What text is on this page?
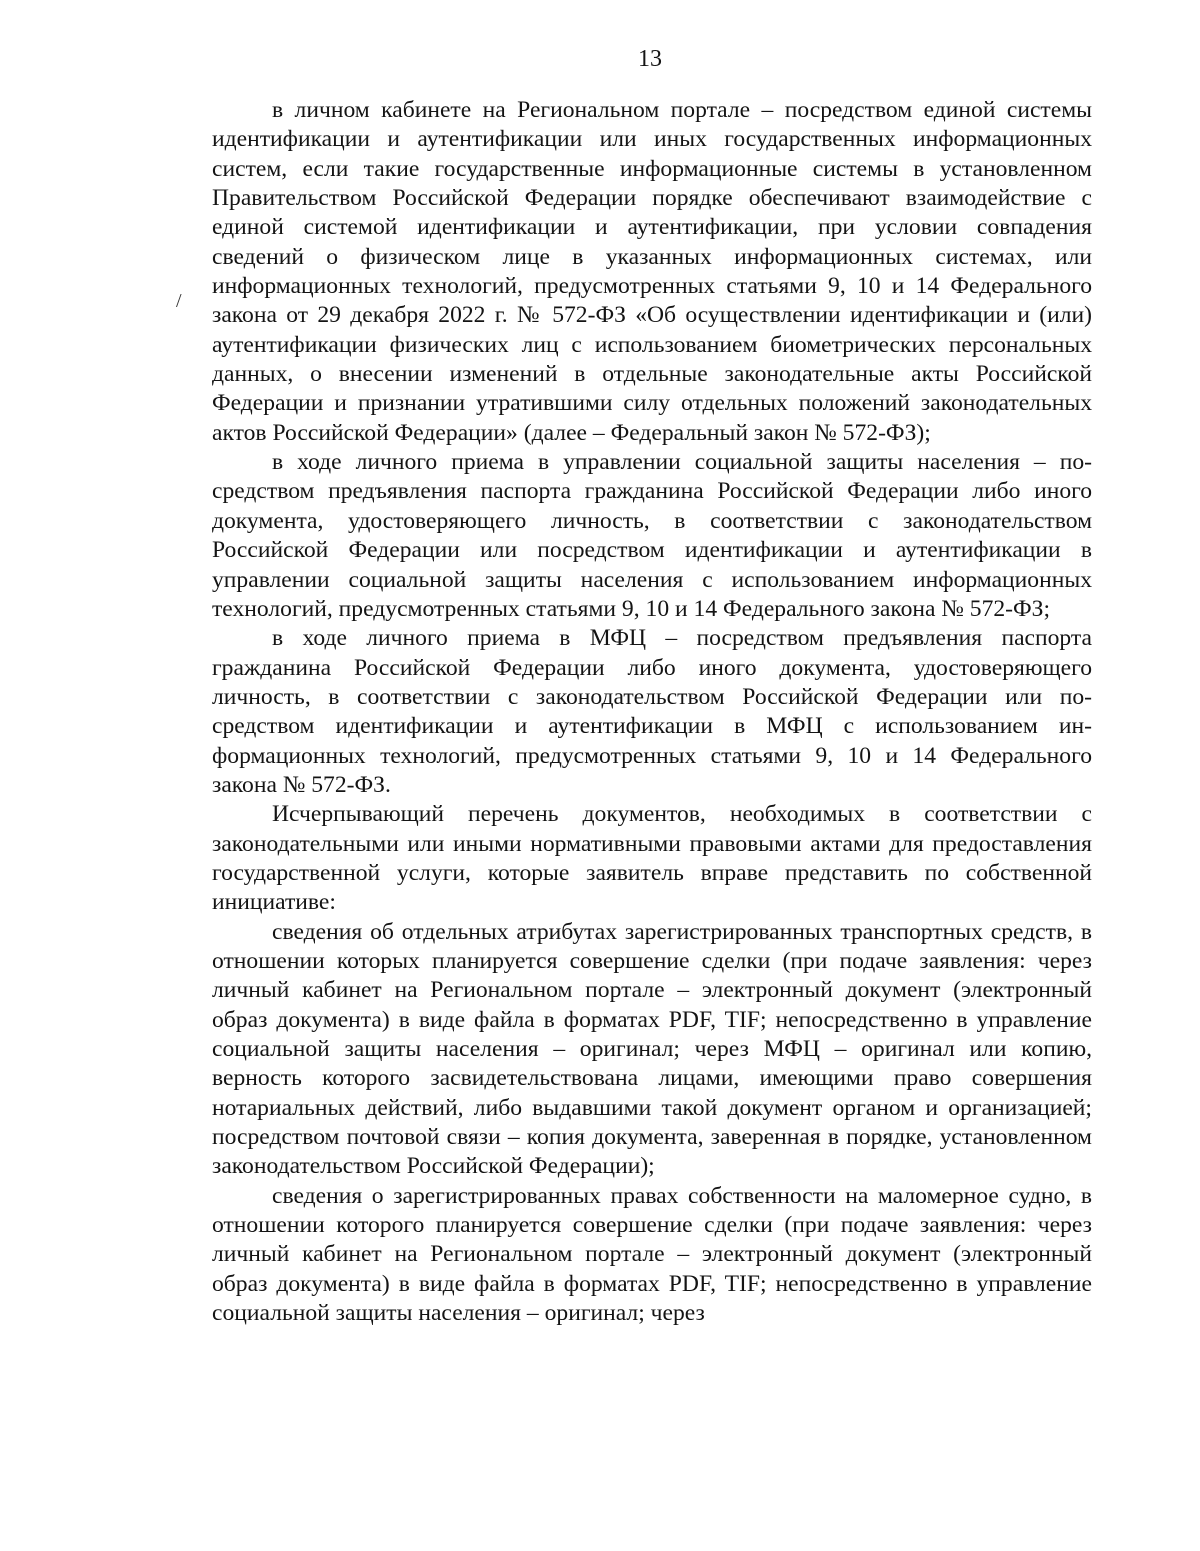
13
/

в личном кабинете на Региональном портале – посредством единой системы идентификации и аутентификации или иных государственных информационных систем, если такие государственные информационные системы в установленном Правительством Российской Федерации порядке обеспечивают взаимодействие с единой системой идентификации и аутентификации, при условии совпадения сведений о физическом лице в указанных информационных системах, или информационных технологий, предусмотренных статьями 9, 10 и 14 Федерального закона от 29 декабря 2022 г. № 572-ФЗ «Об осуществлении идентификации и (или) аутентификации физических лиц с использованием биометрических персональных данных, о внесении изменений в отдельные законодательные акты Российской Федерации и признании утратившими силу отдельных положений законодательных актов Российской Федерации» (далее – Федеральный закон № 572-ФЗ);

в ходе личного приема в управлении социальной защиты населения – посредством предъявления паспорта гражданина Российской Федерации либо иного документа, удостоверяющего личность, в соответствии с законодательством Российской Федерации или посредством идентификации и аутентификации в управлении социальной защиты населения с использованием информационных технологий, предусмотренных статьями 9, 10 и 14 Федерального закона № 572-ФЗ;

в ходе личного приема в МФЦ – посредством предъявления паспорта гражданина Российской Федерации либо иного документа, удостоверяющего личность, в соответствии с законодательством Российской Федерации или посредством идентификации и аутентификации в МФЦ с использованием информационных технологий, предусмотренных статьями 9, 10 и 14 Федерального закона № 572-ФЗ.

Исчерпывающий перечень документов, необходимых в соответствии с законодательными или иными нормативными правовыми актами для предоставления государственной услуги, которые заявитель вправе представить по собственной инициативе:

сведения об отдельных атрибутах зарегистрированных транспортных средств, в отношении которых планируется совершение сделки (при подаче заявления: через личный кабинет на Региональном портале – электронный документ (электронный образ документа) в виде файла в форматах PDF, TIF; непосредственно в управление социальной защиты населения – оригинал; через МФЦ – оригинал или копию, верность которого засвидетельствована лицами, имеющими право совершения нотариальных действий, либо выдавшими такой документ органом и организацией; посредством почтовой связи – копия документа, заверенная в порядке, установленном законодательством Российской Федерации);

сведения о зарегистрированных правах собственности на маломерное судно, в отношении которого планируется совершение сделки (при подаче заявления: через личный кабинет на Региональном портале – электронный документ (электронный образ документа) в виде файла в форматах PDF, TIF; непосредственно в управление социальной защиты населения – оригинал; через
